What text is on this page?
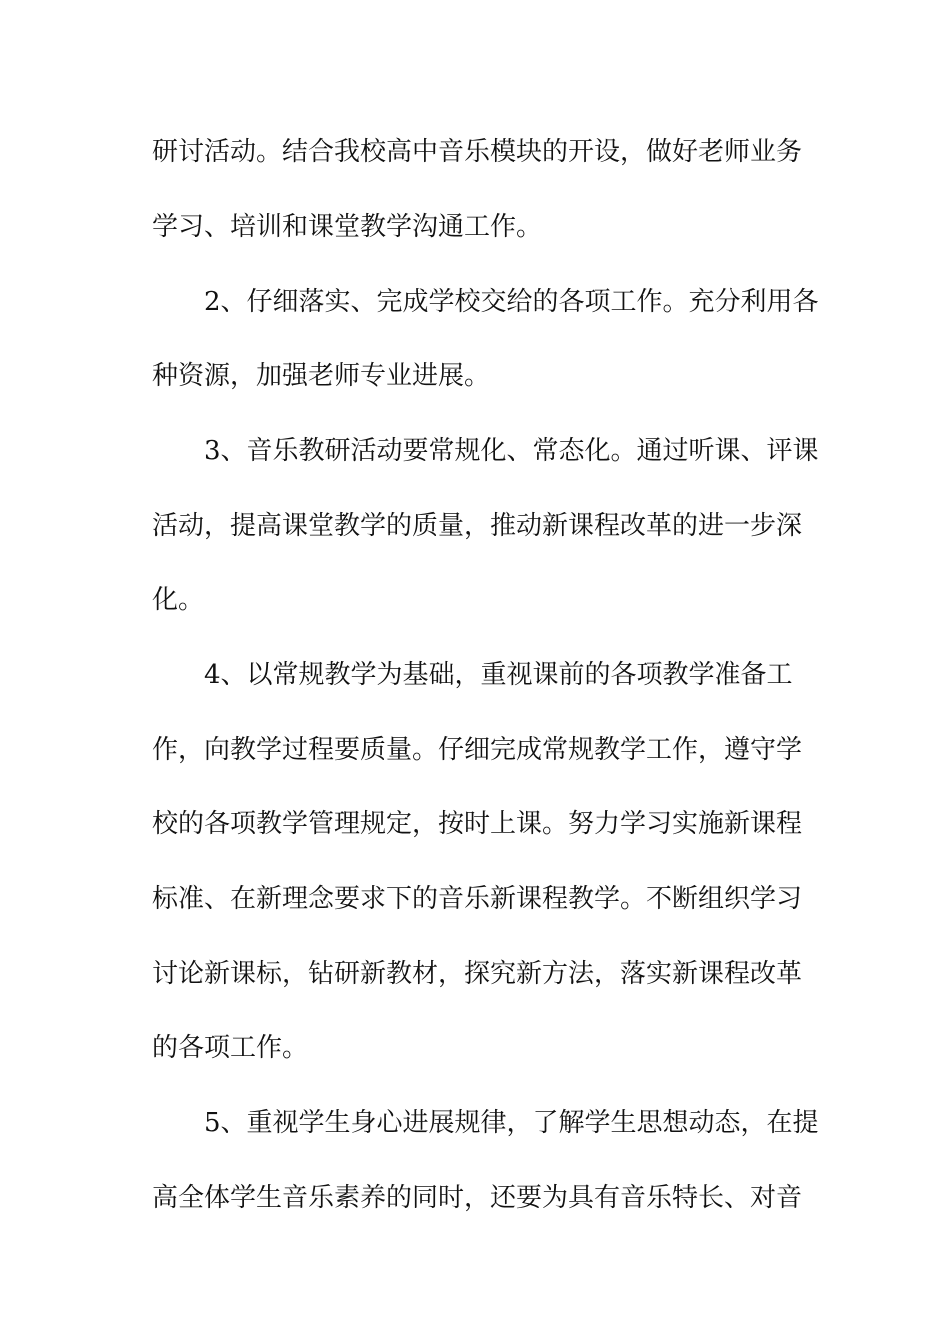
研讨活动。结合我校高中音乐模块的开设，做好老师业务
学习、培训和课堂教学沟通工作。
2、仔细落实、完成学校交给的各项工作。充分利用各
种资源，加强老师专业进展。
3、音乐教研活动要常规化、常态化。通过听课、评课
活动，提高课堂教学的质量，推动新课程改革的进一步深
化。
4、以常规教学为基础，重视课前的各项教学准备工
作，向教学过程要质量。仔细完成常规教学工作，遵守学
校的各项教学管理规定，按时上课。努力学习实施新课程
标准、在新理念要求下的音乐新课程教学。不断组织学习
讨论新课标，钻研新教材，探究新方法，落实新课程改革
的各项工作。
5、重视学生身心进展规律，了解学生思想动态，在提
高全体学生音乐素养的同时，还要为具有音乐特长、对音
